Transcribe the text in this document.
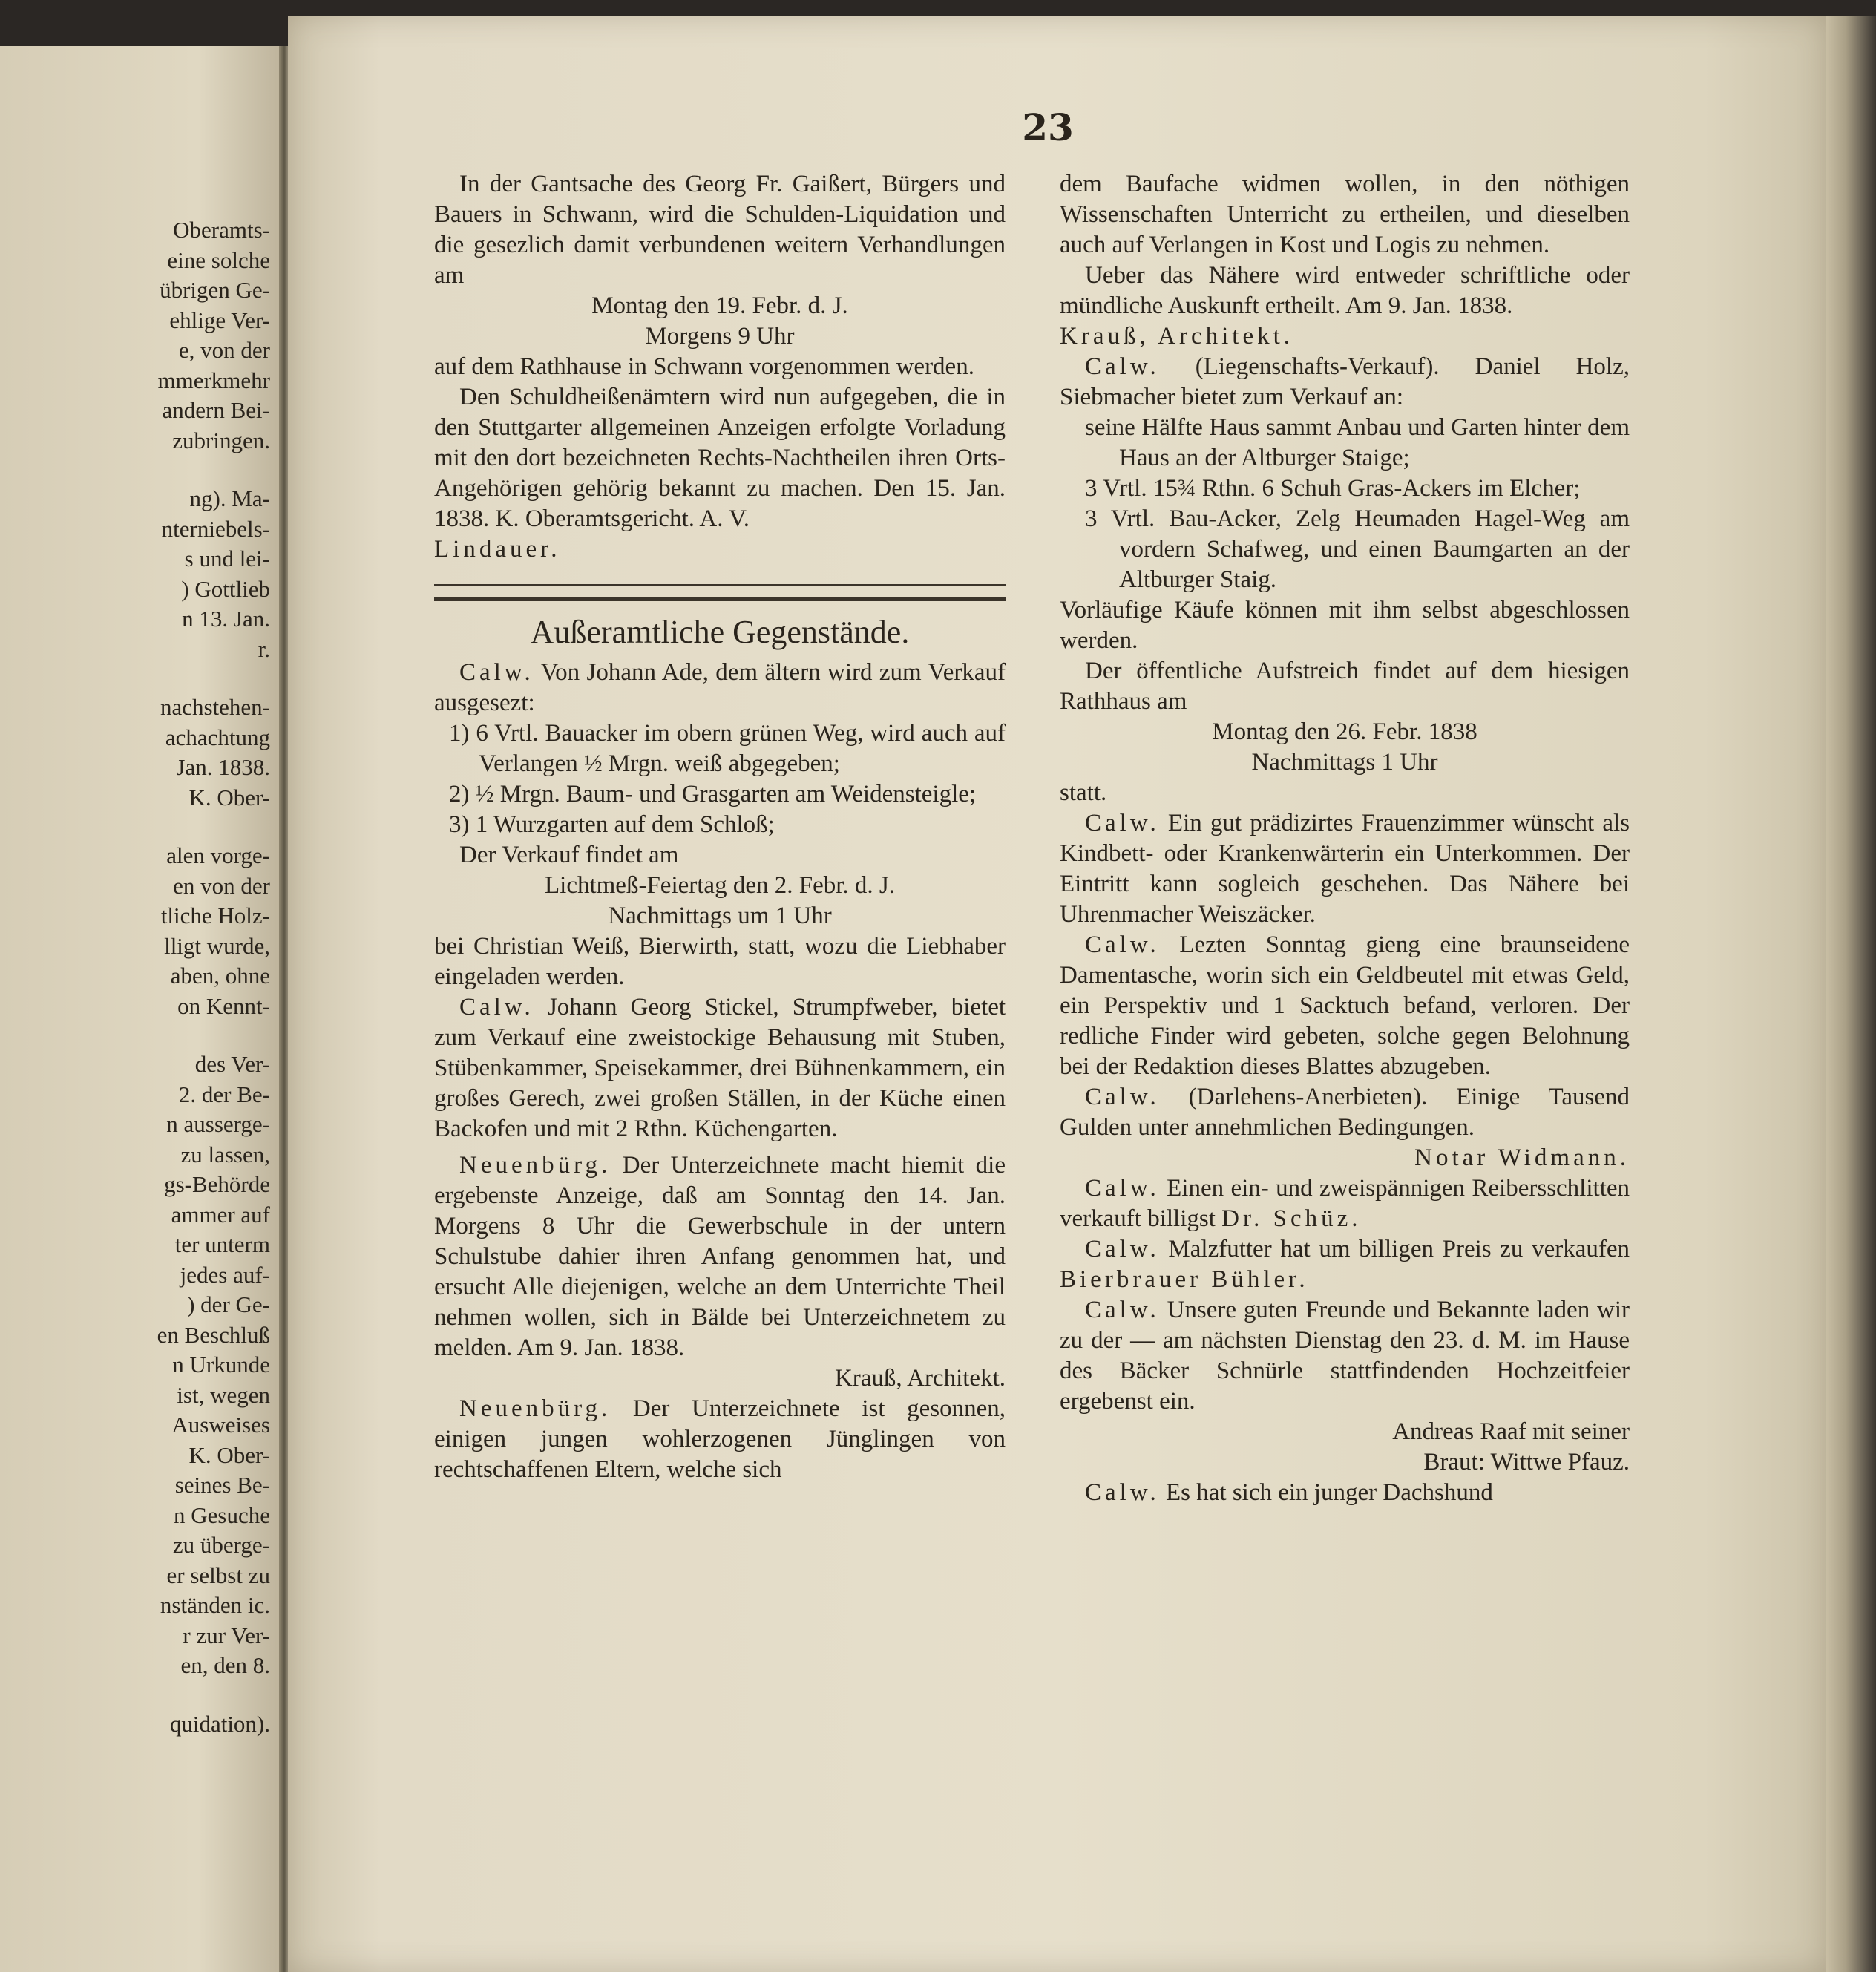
Oberamts-
eine solche
übrigen Ge-
ehlige Ver-
e, von der
mmerkmehr
andern Bei-
zubringen.
ng). Ma-
nterniebels-
s und lei-
) Gottlieb
n 13. Jan.
r.
nachstehen-
achachtung
Jan. 1838.
K. Ober-
alen vorge-
en von der
tliche Holz-
lligt wurde,
aben, ohne
on Kennt-
des Ver-
2. der Be-
n ausserge-
zu lassen,
gs-Behörde
ammer auf
ter unterm
jedes auf-
) der Ge-
en Beschluß
n Urkunde
ist, wegen
Ausweises
K. Ober-
seines Be-
n Gesuche
zu überge-
er selbst zu
nständen ic.
r zur Ver-
en, den 8.
quidation).
23

In der Gantsache des Georg Fr. Gaißert, Bürgers und Bauers in Schwann, wird die Schulden-Liquidation und die gesezlich damit verbundenen weitern Verhandlungen am

Montag den 19. Febr. d. J.

Morgens 9 Uhr

auf dem Rathhause in Schwann vorgenommen werden.

Den Schuldheißenämtern wird nun aufgegeben, die in den Stuttgarter allgemeinen Anzeigen erfolgte Vorladung mit den dort bezeichneten Rechts-Nachtheilen ihren Orts-Angehörigen gehörig bekannt zu machen. Den 15. Jan. 1838. K. Oberamtsgericht. A. V.

Lindauer.

Außeramtliche Gegenstände.

Calw. Von Johann Ade, dem ältern wird zum Verkauf ausgesezt:

1) 6 Vrtl. Bauacker im obern grünen Weg, wird auch auf Verlangen ½ Mrgn. weiß abgegeben;

2) ½ Mrgn. Baum- und Grasgarten am Weidensteigle;

3) 1 Wurzgarten auf dem Schloß;

Der Verkauf findet am

Lichtmeß-Feiertag den 2. Febr. d. J.

Nachmittags um 1 Uhr

bei Christian Weiß, Bierwirth, statt, wozu die Liebhaber eingeladen werden.

Calw. Johann Georg Stickel, Strumpfweber, bietet zum Verkauf eine zweistockige Behausung mit Stuben, Stübenkammer, Speisekammer, drei Bühnenkammern, ein großes Gerech, zwei großen Ställen, in der Küche einen Backofen und mit 2 Rthn. Küchengarten.

Neuenbürg. Der Unterzeichnete macht hiemit die ergebenste Anzeige, daß am Sonntag den 14. Jan. Morgens 8 Uhr die Gewerbschule in der untern Schulstube dahier ihren Anfang genommen hat, und ersucht Alle diejenigen, welche an dem Unterrichte Theil nehmen wollen, sich in Bälde bei Unterzeichnetem zu melden. Am 9. Jan. 1838.

Krauß, Architekt.

Neuenbürg. Der Unterzeichnete ist gesonnen, einigen jungen wohlerzogenen Jünglingen von rechtschaffenen Eltern, welche sich

dem Baufache widmen wollen, in den nöthigen Wissenschaften Unterricht zu ertheilen, und dieselben auch auf Verlangen in Kost und Logis zu nehmen.

Ueber das Nähere wird entweder schriftliche oder mündliche Auskunft ertheilt. Am 9. Jan. 1838.

Krauß, Architekt.

Calw. (Liegenschafts-Verkauf). Daniel Holz, Siebmacher bietet zum Verkauf an:

seine Hälfte Haus sammt Anbau und Garten hinter dem Haus an der Altburger Staige;

3 Vrtl. 15¾ Rthn. 6 Schuh Gras-Ackers im Elcher;

3 Vrtl. Bau-Acker, Zelg Heumaden Hagel-Weg am vordern Schafweg, und einen Baumgarten an der Altburger Staig.

Vorläufige Käufe können mit ihm selbst abgeschlossen werden.

Der öffentliche Aufstreich findet auf dem hiesigen Rathhaus am

Montag den 26. Febr. 1838

Nachmittags 1 Uhr

statt.

Calw. Ein gut prädizirtes Frauenzimmer wünscht als Kindbett- oder Krankenwärterin ein Unterkommen. Der Eintritt kann sogleich geschehen. Das Nähere bei Uhrenmacher Weiszäcker.

Calw. Lezten Sonntag gieng eine braunseidene Damentasche, worin sich ein Geldbeutel mit etwas Geld, ein Perspektiv und 1 Sacktuch befand, verloren. Der redliche Finder wird gebeten, solche gegen Belohnung bei der Redaktion dieses Blattes abzugeben.

Calw. (Darlehens-Anerbieten). Einige Tausend Gulden unter annehmlichen Bedingungen.

Notar Widmann.

Calw. Einen ein- und zweispännigen Reibersschlitten verkauft billigst Dr. Schüz.

Calw. Malzfutter hat um billigen Preis zu verkaufen Bierbrauer Bühler.

Calw. Unsere guten Freunde und Bekannte laden wir zu der — am nächsten Dienstag den 23. d. M. im Hause des Bäcker Schnürle stattfindenden Hochzeitfeier ergebenst ein.

Andreas Raaf mit seiner

Braut: Wittwe Pfauz.

Calw. Es hat sich ein junger Dachshund
